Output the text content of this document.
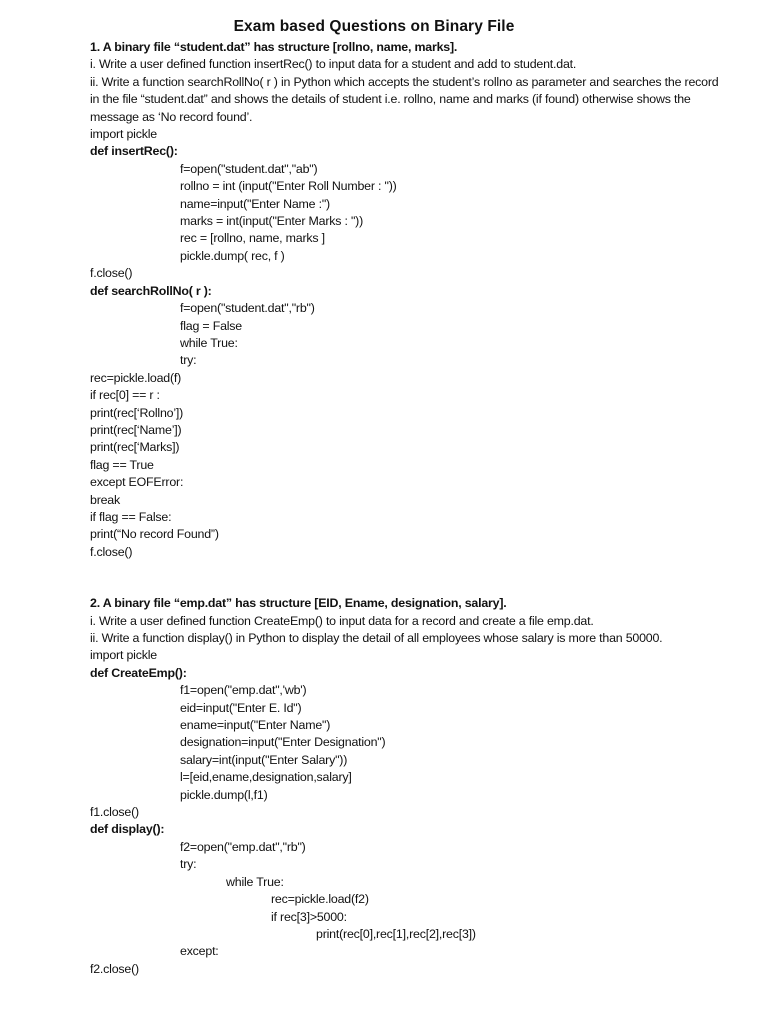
Exam based Questions on Binary File
1. A binary file “student.dat” has structure [rollno, name, marks].
i. Write a user defined function insertRec() to input data for a student and add to student.dat.
ii. Write a function searchRollNo( r ) in Python which accepts the student’s rollno as parameter and searches the record in the file “student.dat” and shows the details of student i.e. rollno, name and marks (if found) otherwise shows the message as ‘No record found’.
import pickle
def insertRec():
f=open("student.dat","ab")
rollno = int (input("Enter Roll Number : "))
name=input("Enter Name :")
marks = int(input("Enter Marks : "))
rec = [rollno, name, marks ]
pickle.dump( rec, f )
f.close()
def searchRollNo( r ):
f=open("student.dat","rb")
flag = False
while True:
try:
rec=pickle.load(f)
if rec[0] == r :
print(rec[‘Rollno’])
print(rec[‘Name’])
print(rec[‘Marks])
flag == True
except EOFError:
break
if flag == False:
print(“No record Found”)
f.close()
2. A binary file “emp.dat” has structure [EID, Ename, designation, salary].
i. Write a user defined function CreateEmp() to input data for a record and create a file emp.dat.
ii. Write a function display() in Python to display the detail of all employees whose salary is more than 50000.
import pickle
def CreateEmp():
f1=open("emp.dat",'wb')
eid=input("Enter E. Id")
ename=input("Enter Name")
designation=input("Enter Designation")
salary=int(input("Enter Salary"))
l=[eid,ename,designation,salary]
pickle.dump(l,f1)
f1.close()
def display():
f2=open("emp.dat","rb")
try:
while True:
rec=pickle.load(f2)
if rec[3]>5000:
print(rec[0],rec[1],rec[2],rec[3])
except:
f2.close()
